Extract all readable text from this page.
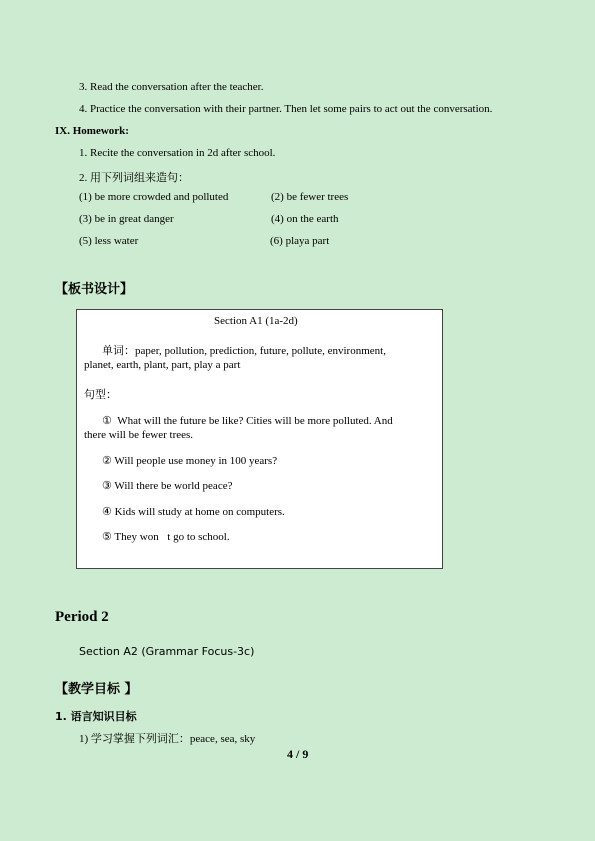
3. Read the conversation after the teacher.
4. Practice the conversation with their partner. Then let some pairs to act out the conversation.
IX. Homework:
1. Recite the conversation in 2d after school.
2. 用下列词组来造句：
(1) be more crowded and polluted	(2) be fewer trees
(3) be in great danger	(4) on the earth
(5) less water	(6) playa part
【板书设计】
Section A1 (1a-2d)
单词：paper, pollution, prediction, future, pollute, environment,
planet, earth, plant, part, play a part
句型：
① What will the future be like? Cities will be more polluted. And
there will be fewer trees.
② Will people use money in 100 years?
③ Will there be world peace?
④ Kids will study at home on computers.
⑤ They won t go to school.
Period 2
Section A2 (Grammar Focus-3c)
【教学目标 】
1. 语言知识目标
1) 学习掌握下列词汇：peace, sea, sky
4 / 9
